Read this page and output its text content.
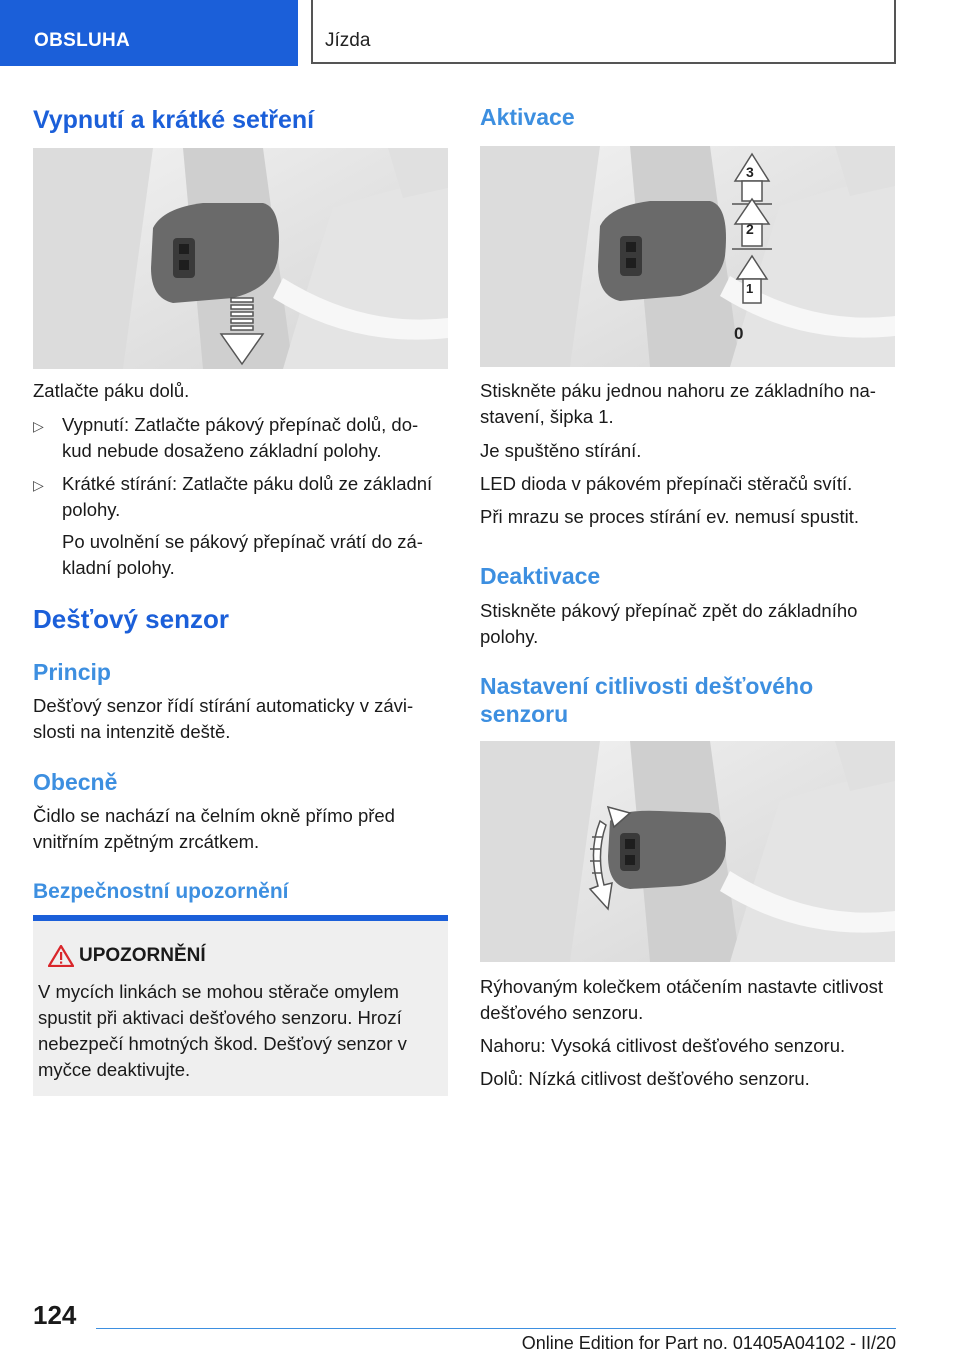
OBSLUHA	Jízda
Vypnutí a krátké setření
Zatlačte páku dolů.
▷ Vypnutí: Zatlačte pákový přepínač dolů, do-
kud nebude dosaženo základní polohy.
▷ Krátké stírání: Zatlačte páku dolů ze základní
polohy.
Po uvolnění se pákový přepínač vrátí do zá-
kladní polohy.
Dešťový senzor
Princip
Dešťový senzor řídí stírání automaticky v závi-
slosti na intenzitě deště.
Obecně
Čidlo se nachází na čelním okně přímo před
vnitřním zpětným zrcátkem.
Bezpečnostní upozornění
UPOZORNĚNÍ
V mycích linkách se mohou stěrače omylem
spustit při aktivaci dešťového senzoru. Hrozí
nebezpečí hmotných škod. Dešťový senzor v
myčce deaktivujte.
Aktivace
3
2
1
0
Stiskněte páku jednou nahoru ze základního na-
stavení, šipka 1.
Je spuštěno stírání.
LED dioda v pákovém přepínači stěračů svítí.
Při mrazu se proces stírání ev. nemusí spustit.
Deaktivace
Stiskněte pákový přepínač zpět do základního
polohy.
Nastavení citlivosti dešťového
senzoru
Rýhovaným kolečkem otáčením nastavte citlivost
dešťového senzoru.
Nahoru: Vysoká citlivost dešťového senzoru.
Dolů: Nízká citlivost dešťového senzoru.
124
Online Edition for Part no. 01405A04102 - II/20
